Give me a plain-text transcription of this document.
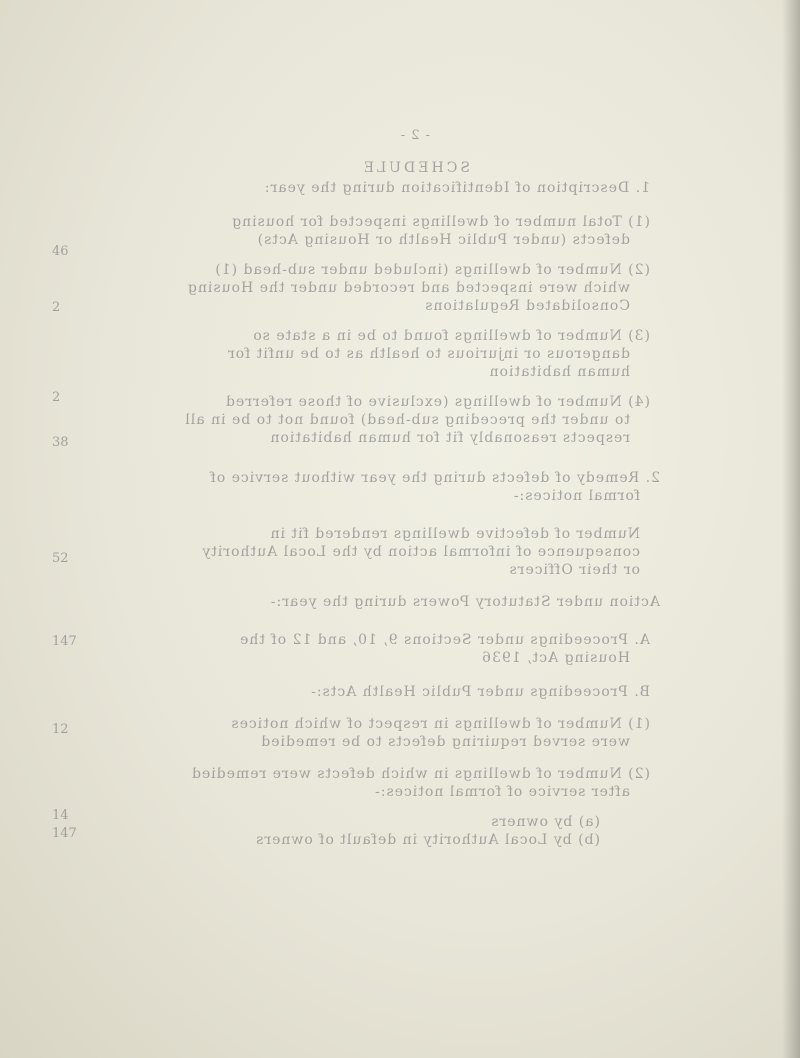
- 2 -
SCHEDULE
1. Description of Identification during the year:
(1) Total number of dwellings inspected for housing
defects (under Public Health or Housing Acts)
(2) Number of dwellings (included under sub-head (1)
which were inspected and recorded under the Housing
Consolidated Regulations
(3) Number of dwellings found to be in a state so
dangerous or injurious to health as to be unfit for
human habitation
(4) Number of dwellings (exclusive of those referred
to under the preceding sub-head) found not to be in all
respects reasonably fit for human habitation
2. Remedy of defects during the year without service of
formal notices:-
Number of defective dwellings rendered fit in
consequence of informal action by the Local Authority
or their Officers
Action under Statutory Powers during the year:-
A. Proceedings under Sections 9, 10, and 12 of the
Housing Act, 1936
B. Proceedings under Public Health Acts:-
(1) Number of dwellings in respect of which notices
were served requiring defects to be remedied
(2) Number of dwellings in which defects were remedied
after service of formal notices:-
(a) by owners
(b) by Local Authority in default of owners
46
2
2
38
52
147
12
14
147
